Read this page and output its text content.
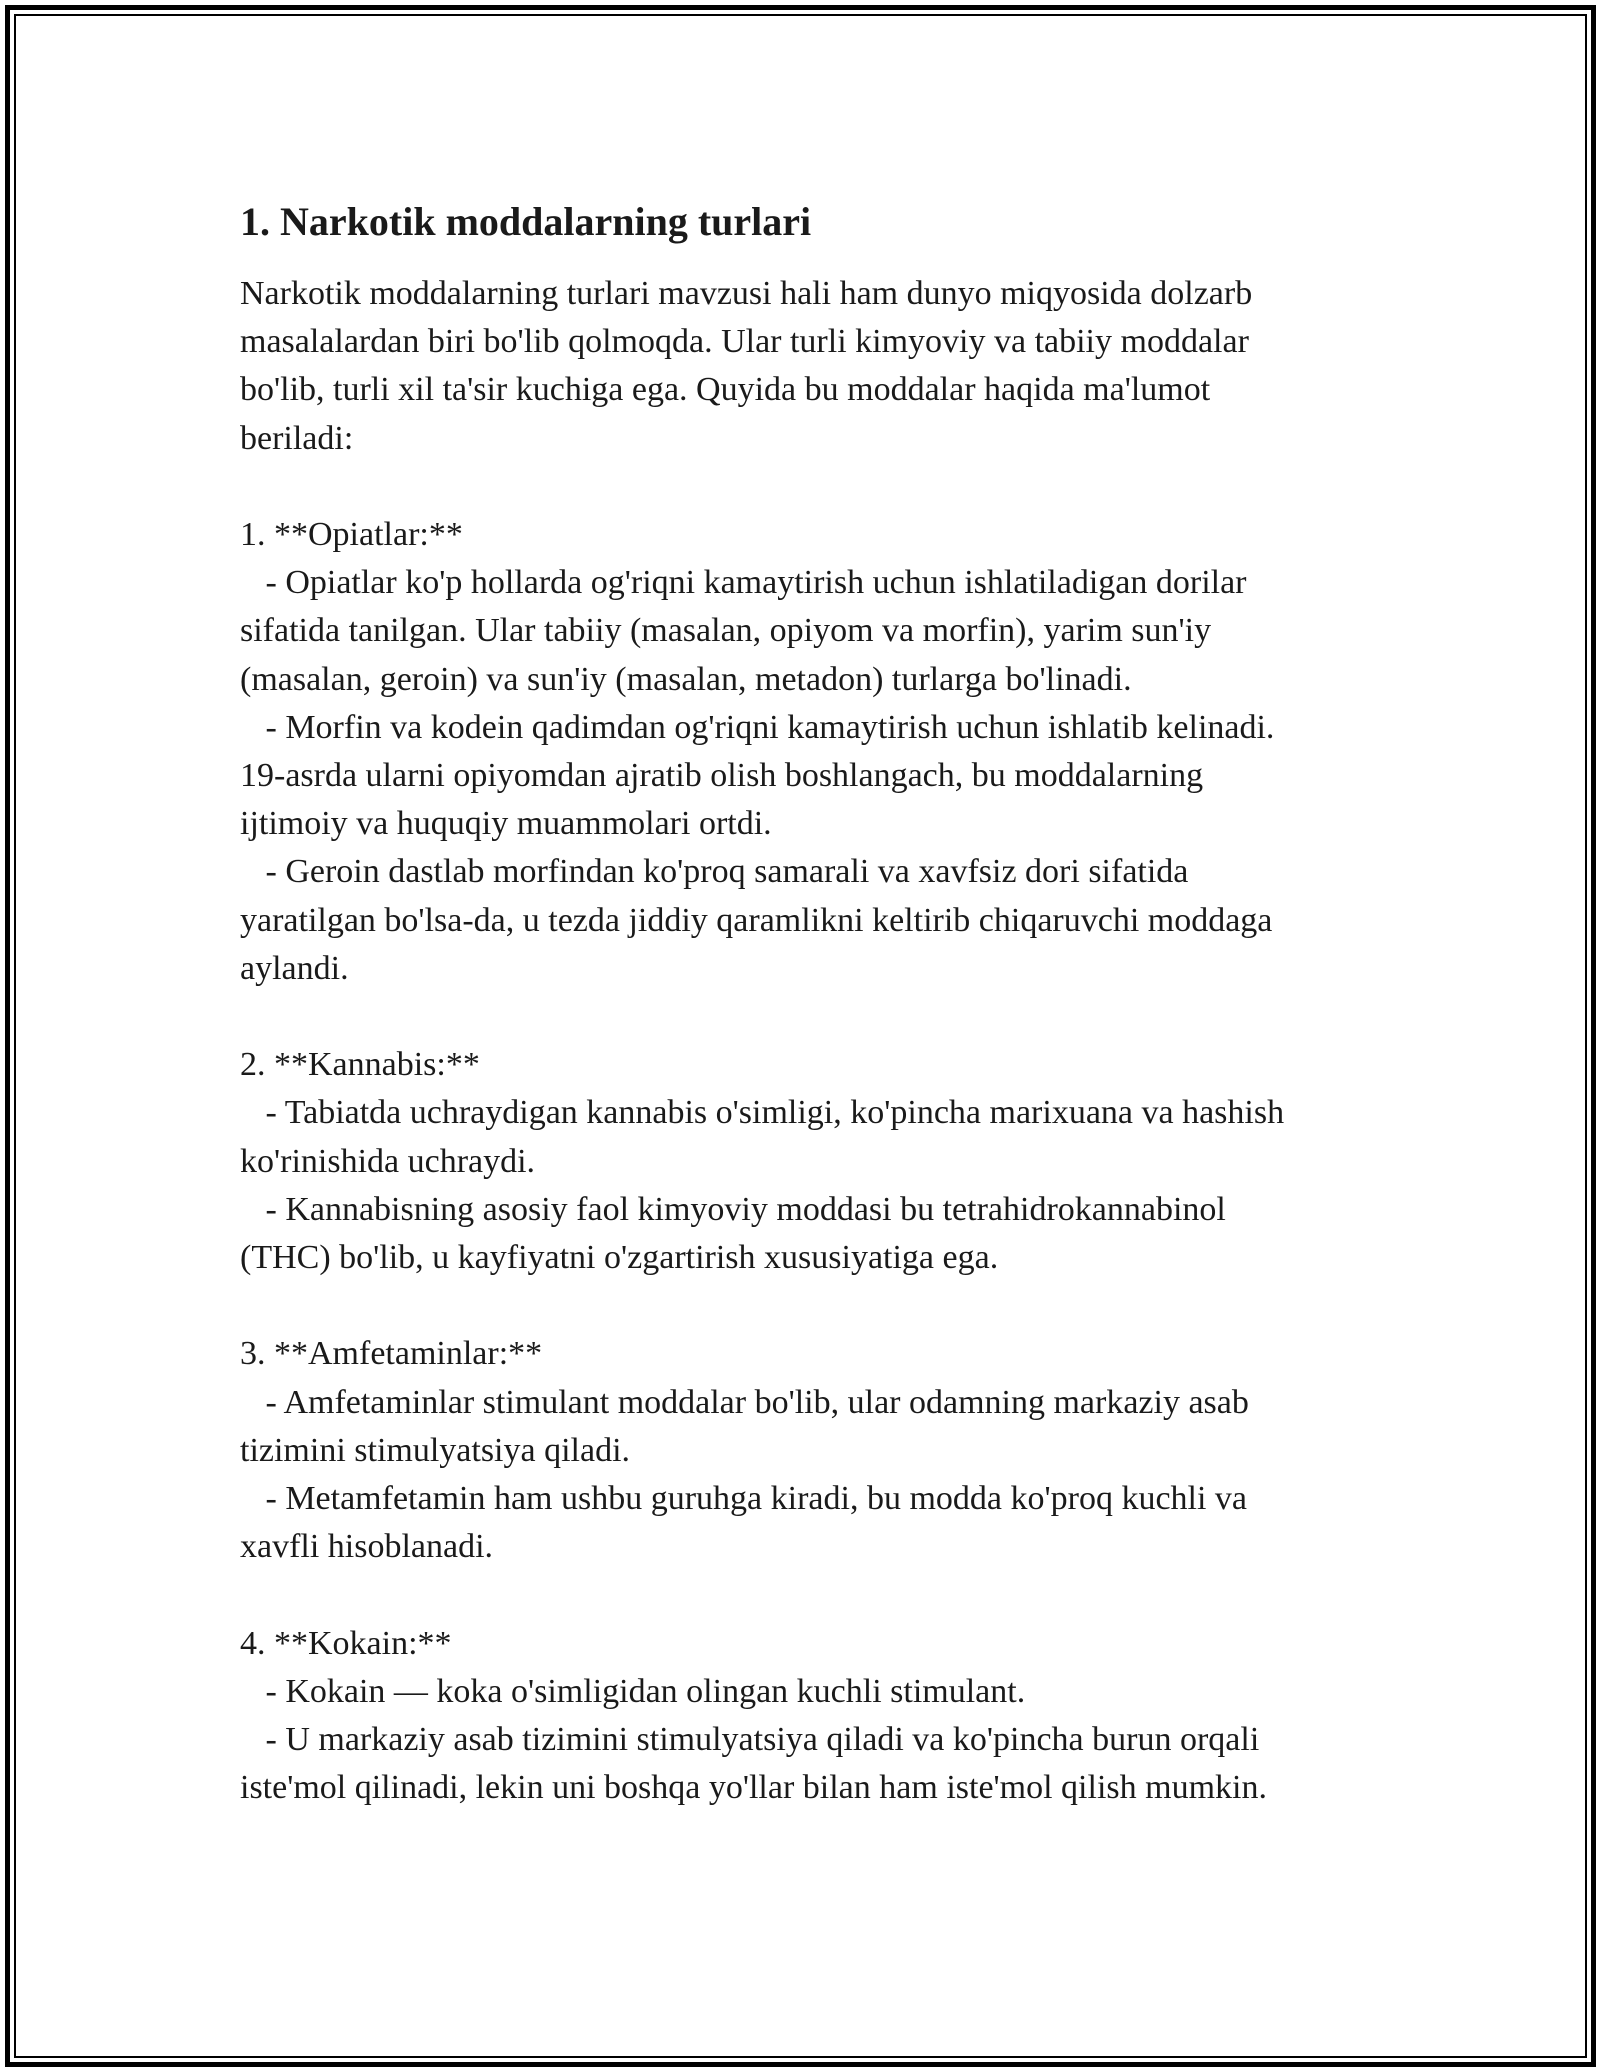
1. Narkotik moddalarning turlari
Narkotik moddalarning turlari mavzusi hali ham dunyo miqyosida dolzarb
masalalardan biri bo'lib qolmoqda. Ular turli kimyoviy va tabiiy moddalar
bo'lib, turli xil ta'sir kuchiga ega. Quyida bu moddalar haqida ma'lumot
beriladi:

1. **Opiatlar:**
- Opiatlar ko'p hollarda og'riqni kamaytirish uchun ishlatiladigan dorilar
sifatida tanilgan. Ular tabiiy (masalan, opiyom va morfin), yarim sun'iy
(masalan, geroin) va sun'iy (masalan, metadon) turlarga bo'linadi.
- Morfin va kodein qadimdan og'riqni kamaytirish uchun ishlatib kelinadi.
19-asrda ularni opiyomdan ajratib olish boshlangach, bu moddalarning
ijtimoiy va huquqiy muammolari ortdi.
- Geroin dastlab morfindan ko'proq samarali va xavfsiz dori sifatida
yaratilgan bo'lsa-da, u tezda jiddiy qaramlikni keltirib chiqaruvchi moddaga
aylandi.

2. **Kannabis:**
- Tabiatda uchraydigan kannabis o'simligi, ko'pincha marixuana va hashish
ko'rinishida uchraydi.
- Kannabisning asosiy faol kimyoviy moddasi bu tetrahidrokannabinol
(THC) bo'lib, u kayfiyatni o'zgartirish xususiyatiga ega.

3. **Amfetaminlar:**
- Amfetaminlar stimulant moddalar bo'lib, ular odamning markaziy asab
tizimini stimulyatsiya qiladi.
- Metamfetamin ham ushbu guruhga kiradi, bu modda ko'proq kuchli va
xavfli hisoblanadi.

4. **Kokain:**
- Kokain — koka o'simligidan olingan kuchli stimulant.
- U markaziy asab tizimini stimulyatsiya qiladi va ko'pincha burun orqali
iste'mol qilinadi, lekin uni boshqa yo'llar bilan ham iste'mol qilish mumkin.
